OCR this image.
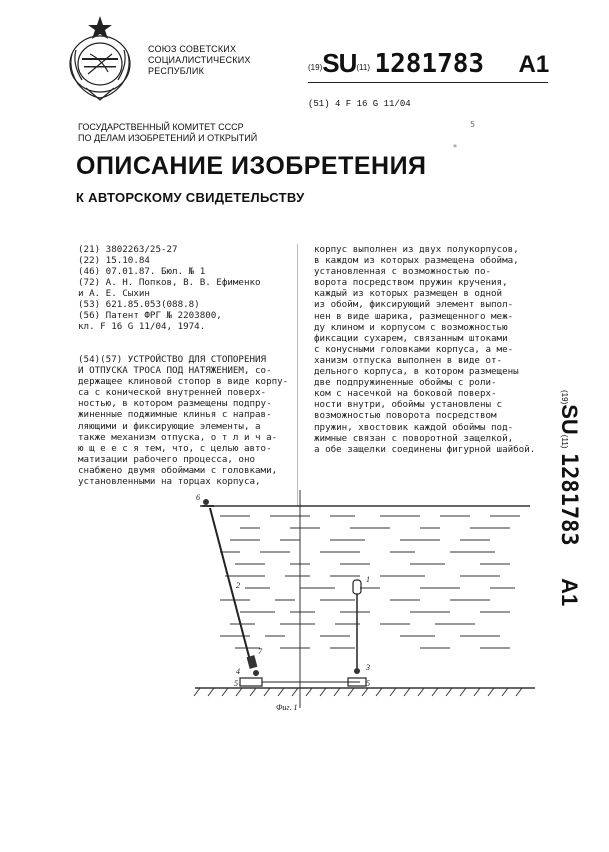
СОЮЗ СОВЕТСКИХ
СОЦИАЛИСТИЧЕСКИХ
РЕСПУБЛИК	(19)SU(11) 1281783 A1
(51) 4 F 16 G 11/04
ГОСУДАРСТВЕННЫЙ КОМИТЕТ СССР
ПО ДЕЛАМ ИЗОБРЕТЕНИЙ И ОТКРЫТИЙ
5
*
ОПИСАНИЕ ИЗОБРЕТЕНИЯ
К АВТОРСКОМУ СВИДЕТЕЛЬСТВУ
(21) 3802263/25-27
(22) 15.10.84
(46) 07.01.87. Бюл. № 1
(72) А. Н. Попков, В. В. Ефименко
и А. Е. Сыхин
(53) 621.85.053(088.8)
(56) Патент ФРГ № 2203800,
кл. F 16 G 11/04, 1974.
(54)(57) УСТРОЙСТВО ДЛЯ СТОПОРЕНИЯ
И ОТПУСКА ТРОСА ПОД НАТЯЖЕНИЕМ, со-
держащее клиновой стопор в виде корпу-
са с конической внутренней поверх-
ностью, в котором размещены подпру-
жиненные поджимные клинья с направ-
ляющими и фиксирующие элементы, а
также механизм отпуска, о т л и ч а-
ю щ е е с я тем, что, с целью авто-
матизации рабочего процесса, оно
снабжено двумя обоймами с головками,
установленными на торцах корпуса,
корпус выполнен из двух полукорпусов,
в каждом из которых размещена обойма,
установленная с возможностью по-
ворота посредством пружин кручения,
каждый из которых размещен в одной
из обойм, фиксирующий элемент выпол-
нен в виде шарика, размещенного меж-
ду клином и корпусом с возможностью
фиксации сухарем, связанным штоками
с конусными головками корпуса, а ме-
ханизм отпуска выполнен в виде от-
дельного корпуса, в котором размещены
две подпружиненные обоймы с роли-
ком с насечкой на боковой поверх-
ности внутри, обоймы установлены с
возможностью поворота посредством
пружин, хвостовик каждой обоймы под-
жимные связан с поворотной защелкой,
а обе защелки соединены фигурной шайбой.
(19)SU(11) 1281783 A1
6
2
7
4
5
1
3
5
Фиг. 1
